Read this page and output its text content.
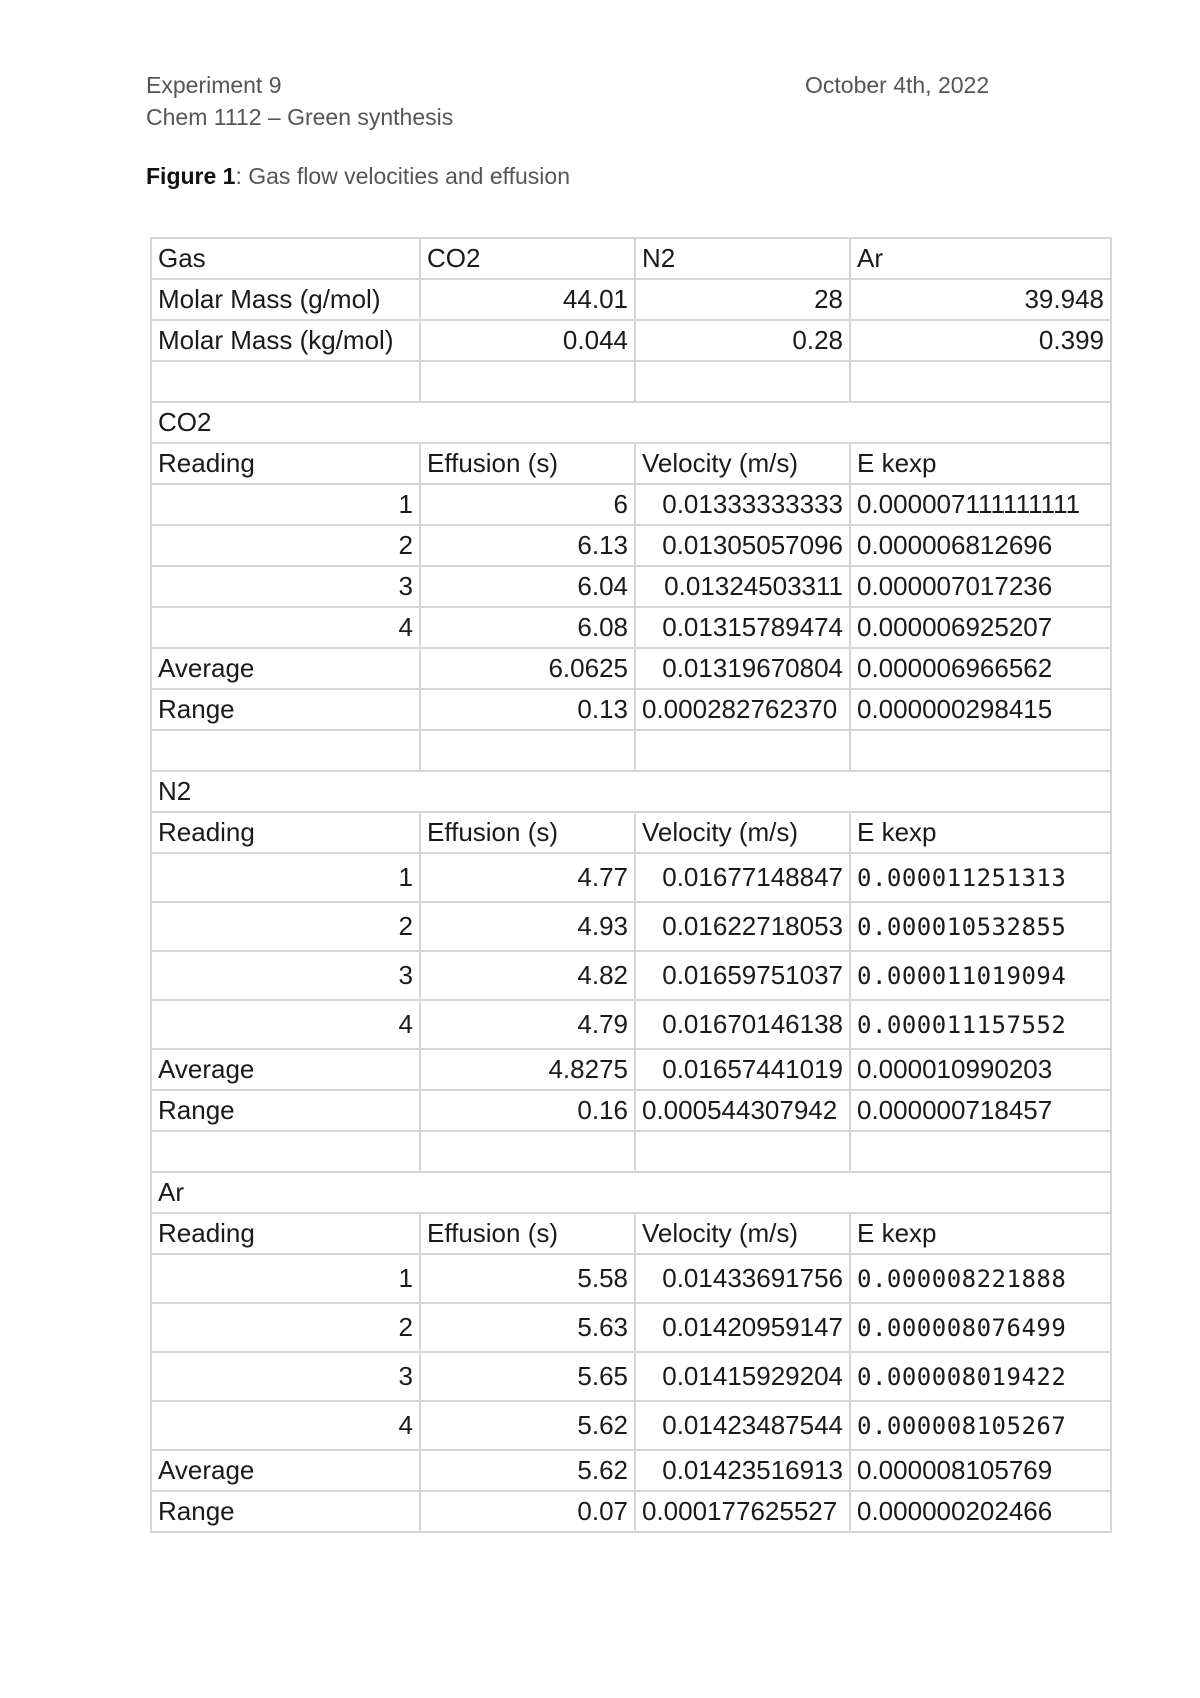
Experiment 9
Chem 1112 – Green synthesis
October 4th, 2022
Figure 1: Gas flow velocities and effusion
Gas	CO2	N2	Ar
Molar Mass (g/mol)	44.01	28	39.948
Molar Mass (kg/mol)	0.044	0.28	0.399

CO2			
Reading	Effusion (s)	Velocity (m/s)	E kexp
1	6	0.01333333333	0.000007111111111
2	6.13	0.01305057096	0.000006812696
3	6.04	0.01324503311	0.000007017236
4	6.08	0.01315789474	0.000006925207
Average	6.0625	0.01319670804	0.000006966562
Range	0.13	0.000282762370	0.000000298415

N2			
Reading	Effusion (s)	Velocity (m/s)	E kexp
1	4.77	0.01677148847	0.000011251313
2	4.93	0.01622718053	0.000010532855
3	4.82	0.01659751037	0.000011019094
4	4.79	0.01670146138	0.000011157552
Average	4.8275	0.01657441019	0.000010990203
Range	0.16	0.000544307942	0.000000718457

Ar			
Reading	Effusion (s)	Velocity (m/s)	E kexp
1	5.58	0.01433691756	0.000008221888
2	5.63	0.01420959147	0.000008076499
3	5.65	0.01415929204	0.000008019422
4	5.62	0.01423487544	0.000008105267
Average	5.62	0.01423516913	0.000008105769
Range	0.07	0.000177625527	0.000000202466
